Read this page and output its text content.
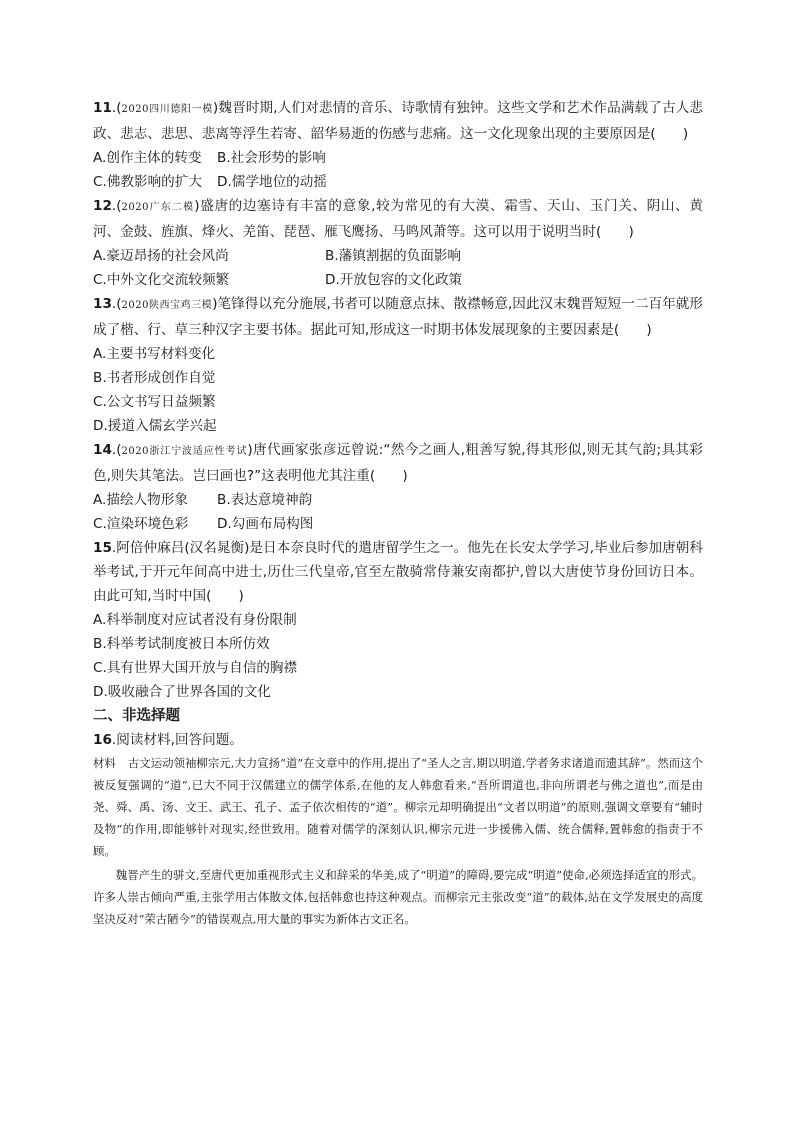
11.(2020四川德阳一模)魏晋时期,人们对悲情的音乐、诗歌情有独钟。这些文学和艺术作品满载了古人悲政、悲志、悲思、悲离等浮生若寄、韶华易逝的伤感与悲痛。这一文化现象出现的主要原因是(　　)

A.创作主体的转变	B.社会形势的影响
C.佛教影响的扩大	D.儒学地位的动摇

12.(2020广东二模)盛唐的边塞诗有丰富的意象,较为常见的有大漠、霜雪、天山、玉门关、阴山、黄河、金鼓、旌旗、烽火、羌笛、琵琶、雁飞鹰扬、马鸣风萧等。这可以用于说明当时(　　)

A.豪迈昂扬的社会风尚	B.藩镇割据的负面影响
C.中外文化交流较频繁	D.开放包容的文化政策

13.(2020陕西宝鸡三模)笔锋得以充分施展,书者可以随意点抹、散襟畅意,因此汉末魏晋短短一二百年就形成了楷、行、草三种汉字主要书体。据此可知,形成这一时期书体发展现象的主要因素是(　　)

A.主要书写材料变化

B.书者形成创作自觉

C.公文书写日益频繁

D.援道入儒玄学兴起

14.(2020浙江宁波适应性考试)唐代画家张彦远曾说:“然今之画人,粗善写貌,得其形似,则无其气韵;具其彩色,则失其笔法。岂曰画也?”这表明他尤其注重(　　)

A.描绘人物形象	B.表达意境神韵
C.渲染环境色彩	D.勾画布局构图

15.阿倍仲麻吕(汉名晁衡)是日本奈良时代的遣唐留学生之一。他先在长安太学学习,毕业后参加唐朝科举考试,于开元年间高中进士,历仕三代皇帝,官至左散骑常侍兼安南都护,曾以大唐使节身份回访日本。由此可知,当时中国(　　)

A.科举制度对应试者没有身份限制

B.科举考试制度被日本所仿效

C.具有世界大国开放与自信的胸襟

D.吸收融合了世界各国的文化

二、非选择题

16.阅读材料,回答问题。

材料 古文运动领袖柳宗元,大力宣扬“道”在文章中的作用,提出了“圣人之言,期以明道,学者务求诸道而遗其辞”。然而这个被反复强调的“道”,已大不同于汉儒建立的儒学体系,在他的友人韩愈看来,“吾所谓道也,非向所谓老与佛之道也”,而是由尧、舜、禹、汤、文王、武王、孔子、孟子依次相传的“道”。柳宗元却明确提出“文者以明道”的原则,强调文章要有“辅时及物”的作用,即能够针对现实,经世致用。随着对儒学的深刻认识,柳宗元进一步援佛入儒、统合儒释,置韩愈的指责于不顾。

魏晋产生的骈文,至唐代更加重视形式主义和辞采的华美,成了“明道”的障碍,要完成“明道”使命,必须选择适宜的形式。许多人崇古倾向严重,主张学用古体散文体,包括韩愈也持这种观点。而柳宗元主张改变“道”的载体,站在文学发展史的高度坚决反对“荣古陋今”的错误观点,用大量的事实为新体古文正名。
